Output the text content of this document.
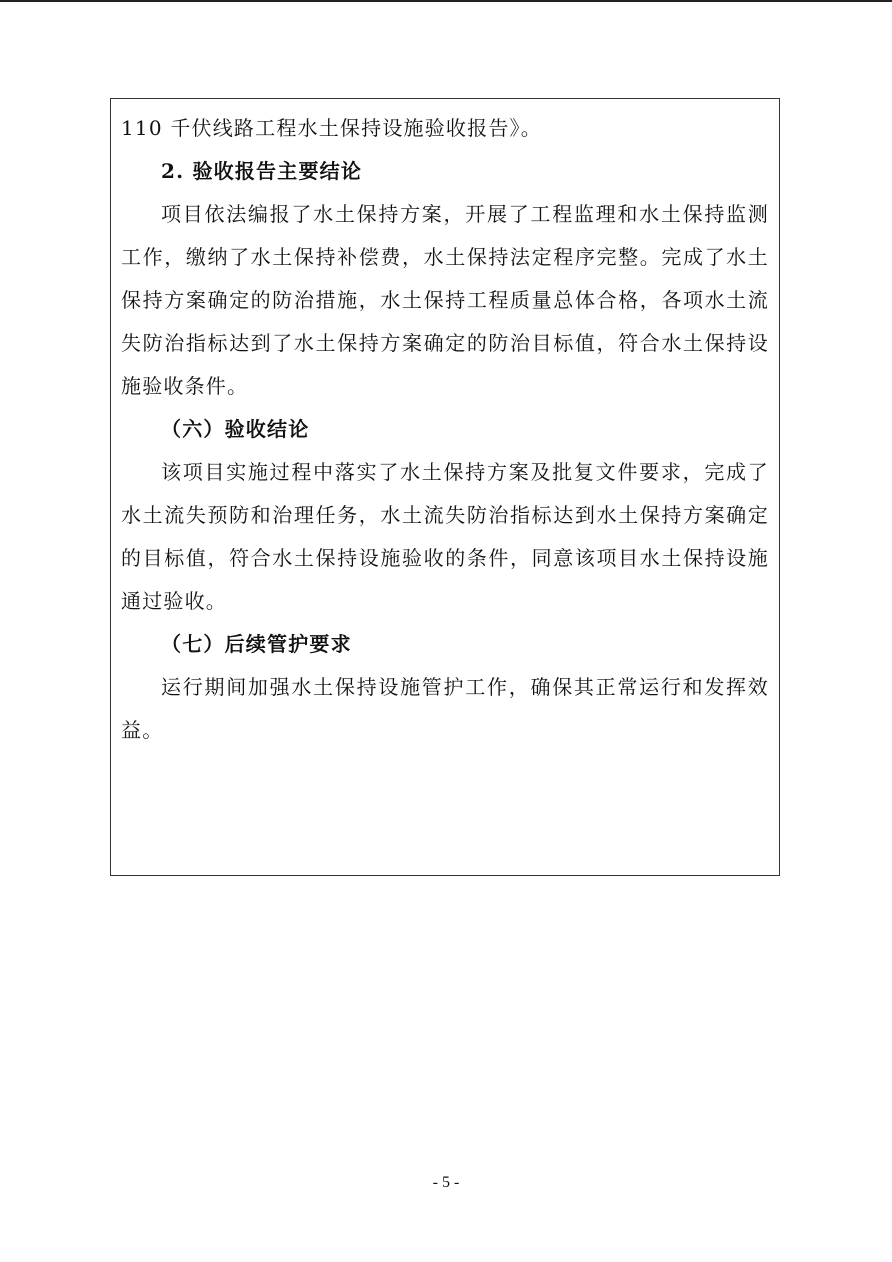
110 千伏线路工程水土保持设施验收报告》。
2. 验收报告主要结论
项目依法编报了水土保持方案，开展了工程监理和水土保持监测工作，缴纳了水土保持补偿费，水土保持法定程序完整。完成了水土保持方案确定的防治措施，水土保持工程质量总体合格，各项水土流失防治指标达到了水土保持方案确定的防治目标值，符合水土保持设施验收条件。
（六）验收结论
该项目实施过程中落实了水土保持方案及批复文件要求，完成了水土流失预防和治理任务，水土流失防治指标达到水土保持方案确定的目标值，符合水土保持设施验收的条件，同意该项目水土保持设施通过验收。
（七）后续管护要求
运行期间加强水土保持设施管护工作，确保其正常运行和发挥效益。
- 5 -
